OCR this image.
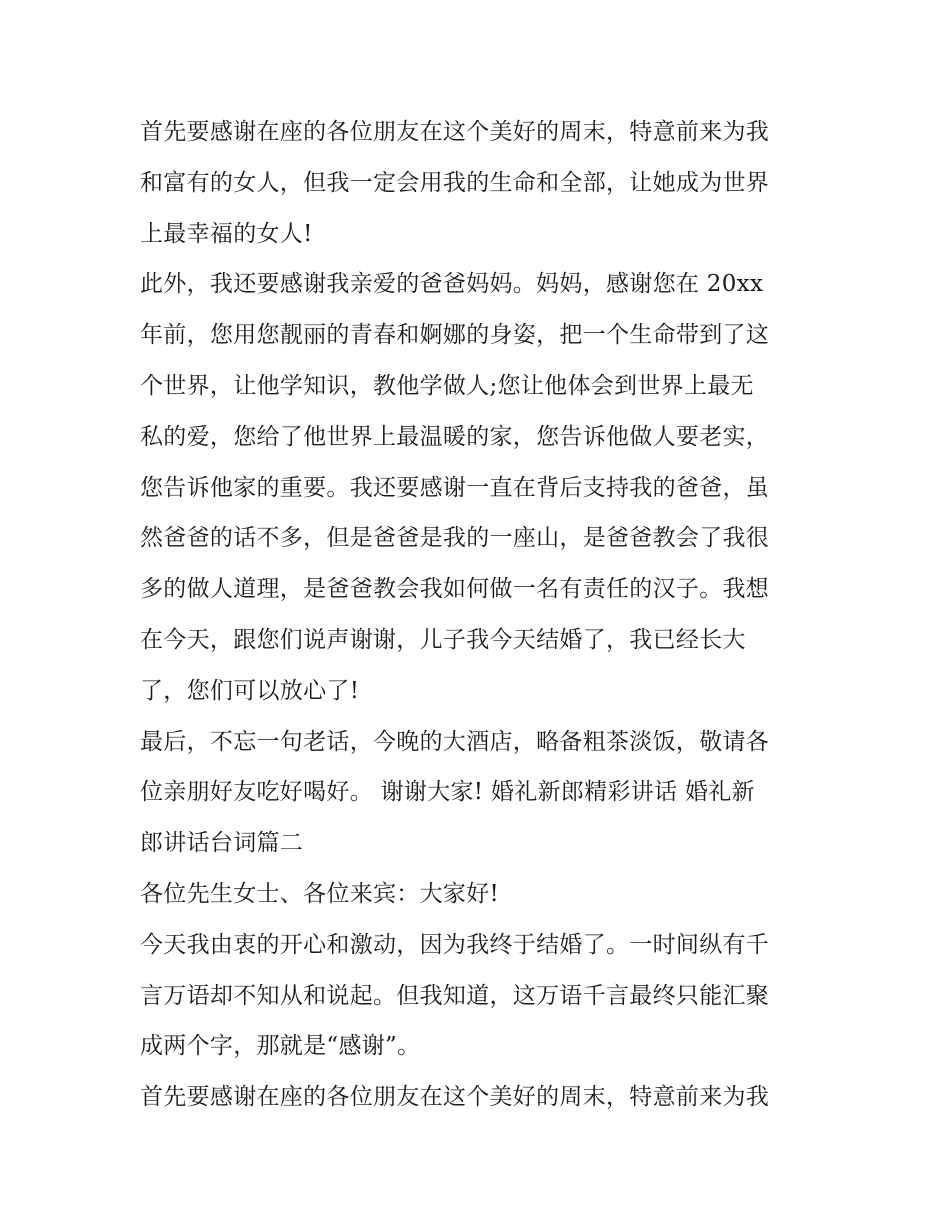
首先要感谢在座的各位朋友在这个美好的周末，特意前来为我
和富有的女人，但我一定会用我的生命和全部，让她成为世界
上最幸福的女人!
此外，我还要感谢我亲爱的爸爸妈妈。妈妈，感谢您在 20xx
年前，您用您靓丽的青春和婀娜的身姿，把一个生命带到了这
个世界，让他学知识，教他学做人;您让他体会到世界上最无
私的爱，您给了他世界上最温暖的家，您告诉他做人要老实，
您告诉他家的重要。我还要感谢一直在背后支持我的爸爸，虽
然爸爸的话不多，但是爸爸是我的一座山，是爸爸教会了我很
多的做人道理，是爸爸教会我如何做一名有责任的汉子。我想
在今天，跟您们说声谢谢，儿子我今天结婚了，我已经长大
了，您们可以放心了!
最后，不忘一句老话，今晚的大酒店，略备粗茶淡饭，敬请各
位亲朋好友吃好喝好。 谢谢大家! 婚礼新郎精彩讲话 婚礼新
郎讲话台词篇二
各位先生女士、各位来宾：大家好!
今天我由衷的开心和激动，因为我终于结婚了。一时间纵有千
言万语却不知从和说起。但我知道，这万语千言最终只能汇聚
成两个字，那就是“感谢”。
首先要感谢在座的各位朋友在这个美好的周末，特意前来为我
